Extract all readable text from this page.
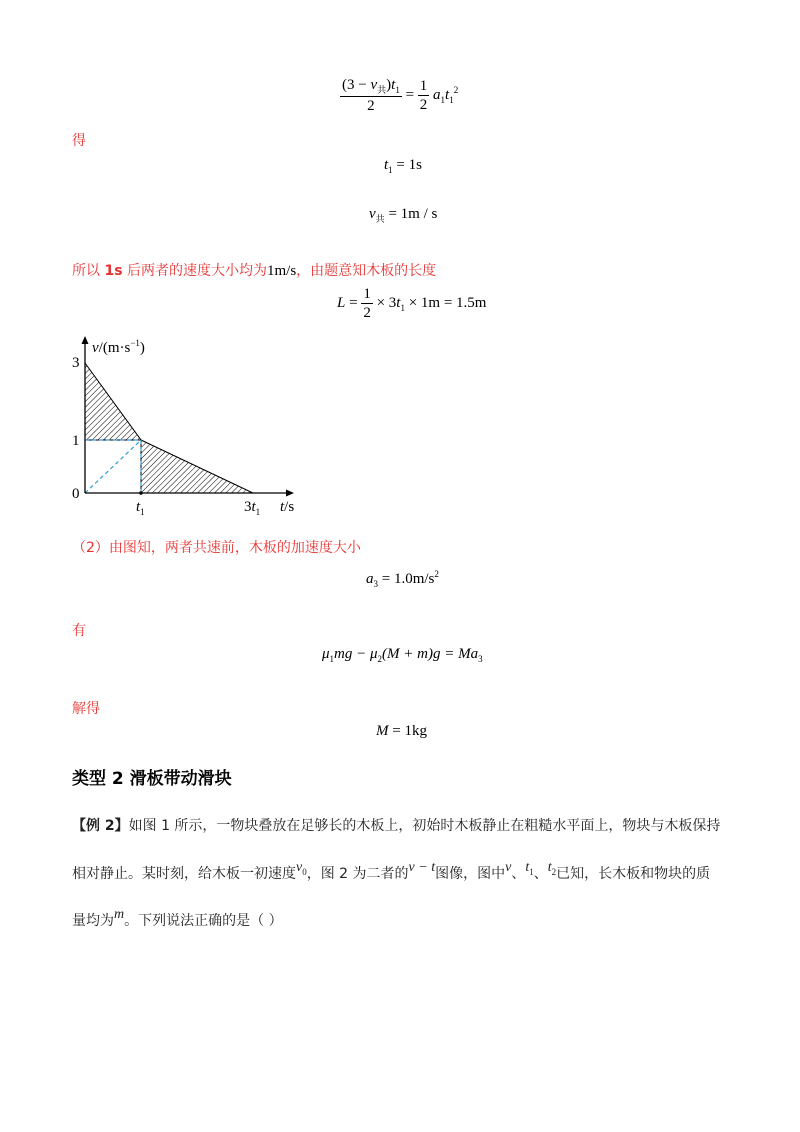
$\frac{(3 - v_共)t_1}{2} = \frac{1}{2} a_1t_1^2$
得
$t_1 = 1s$
$v_共 = 1m / s$
所以 1s 后两者的速度大小均为1m/s，由题意知木板的长度
$L = \frac{1}{2} \times 3t_1 \times 1m = 1.5m$
3
1
0
$v/(m\cdot s^{-1})$
$t_1$	$3t_1$ t/s
（2）由图知，两者共速前，木板的加速度大小
$a_3 = 1.0m/s^2$
有
$\mu_1mg - \mu_2(M + m)g = Ma_3$
解得
M = 1kg
类型 2 滑板带动滑块
【例 2】如图 1 所示，一物块叠放在足够长的木板上，初始时木板静止在粗糙水平面上，物块与木板保持
相对静止。某时刻，给木板一初速度$v_0$，图 2 为二者的v − t图像，图中v、$t_1$、$t_2$已知，长木板和物块的质
量均为m。下列说法正确的是（ ）
